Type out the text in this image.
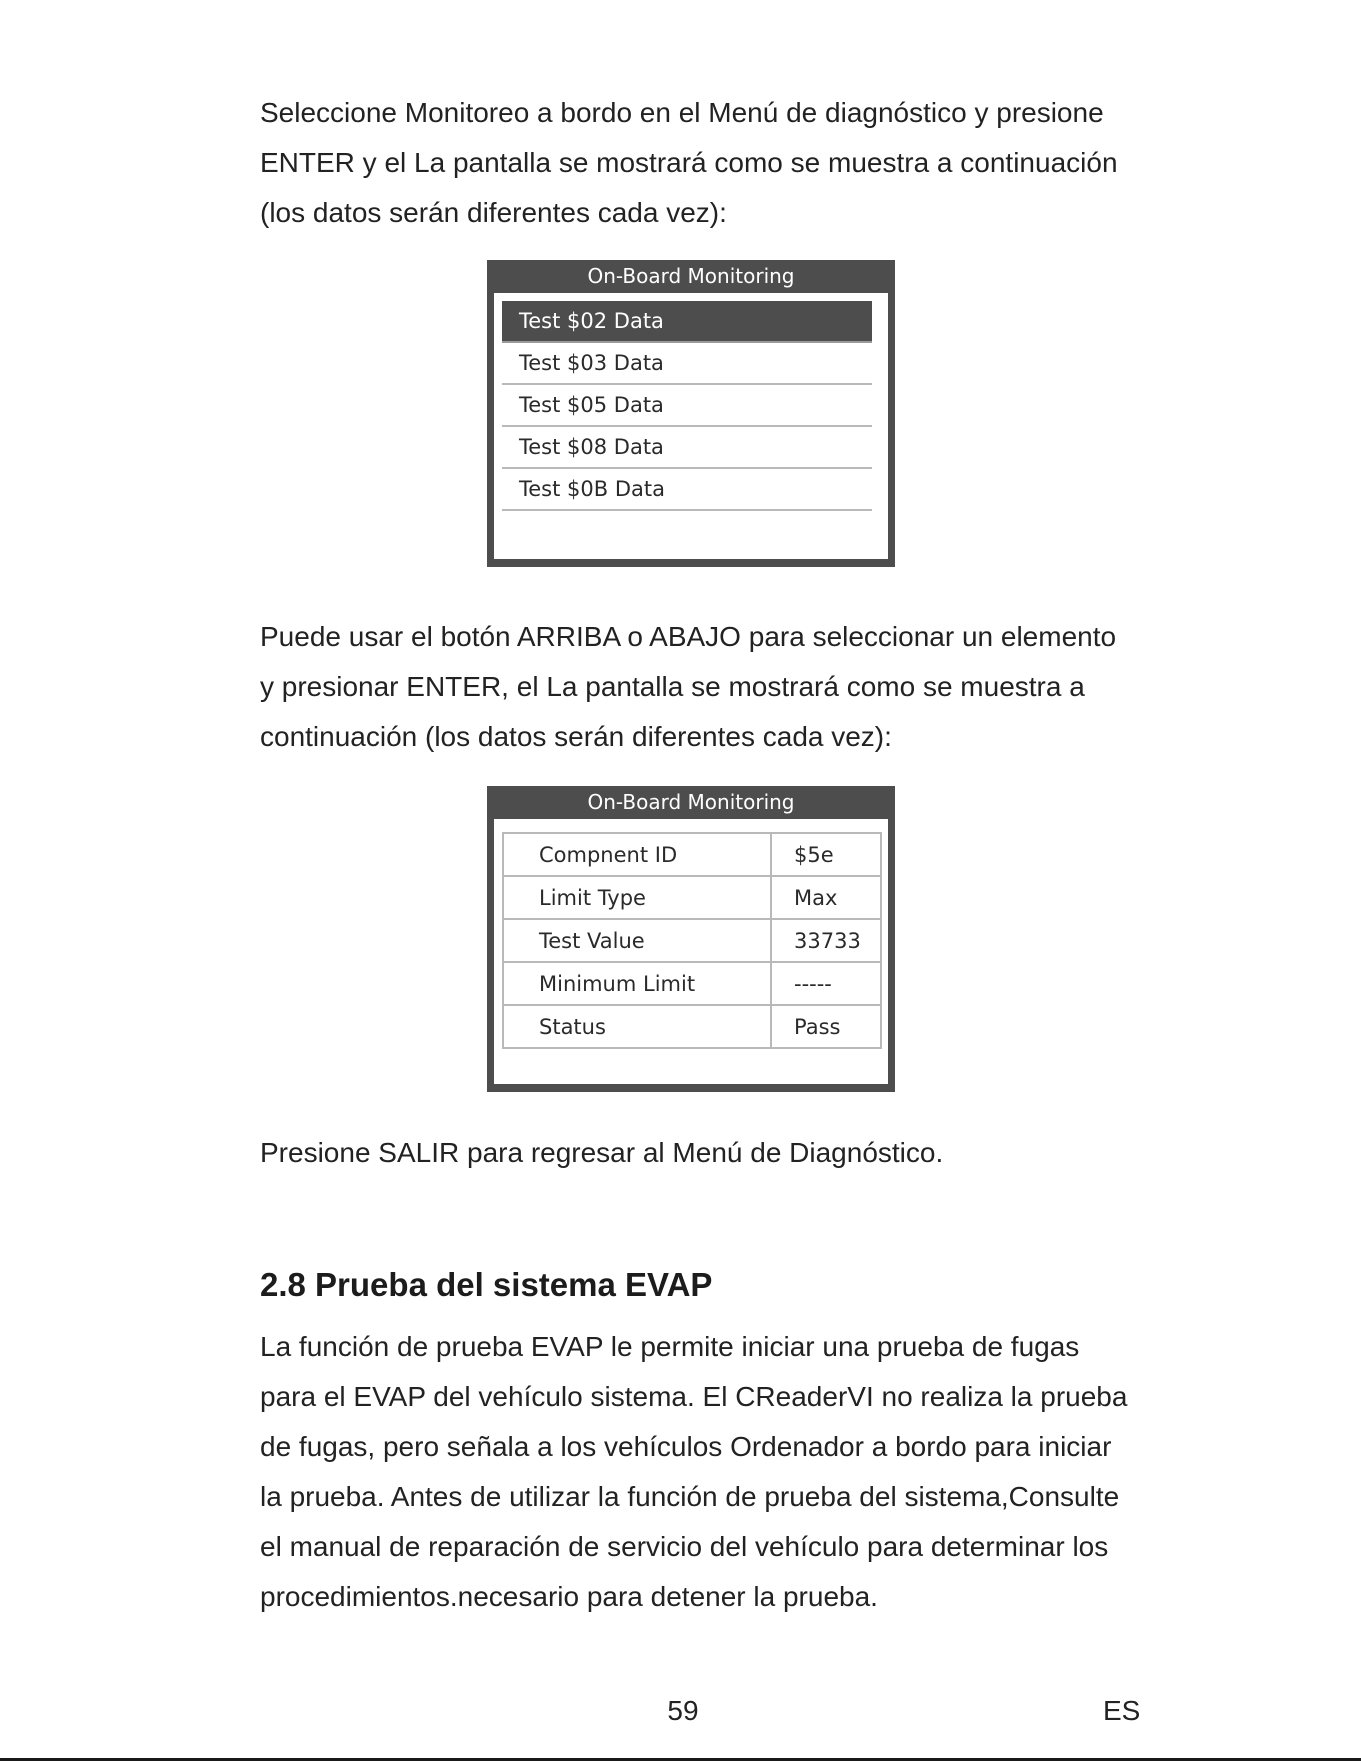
Seleccione Monitoreo a bordo en el Menú de diagnóstico y presione
ENTER y el La pantalla se mostrará como se muestra a continuación
(los datos serán diferentes cada vez):

On-Board Monitoring
Test $02 Data
Test $03 Data
Test $05 Data
Test $08 Data
Test $0B Data

Puede usar el botón ARRIBA o ABAJO para seleccionar un elemento
y presionar ENTER, el La pantalla se mostrará como se muestra a
continuación (los datos serán diferentes cada vez):

On-Board Monitoring
Compnent ID	$5e
Limit Type	Max
Test Value	33733
Minimum Limit	-----
Status	Pass

Presione SALIR para regresar al Menú de Diagnóstico.

2.8 Prueba del sistema EVAP

La función de prueba EVAP le permite iniciar una prueba de fugas
para el EVAP del vehículo sistema. El CReaderVI no realiza la prueba
de fugas, pero señala a los vehículos Ordenador a bordo para iniciar
la prueba. Antes de utilizar la función de prueba del sistema,Consulte
el manual de reparación de servicio del vehículo para determinar los
procedimientos.necesario para detener la prueba.

59	ES
